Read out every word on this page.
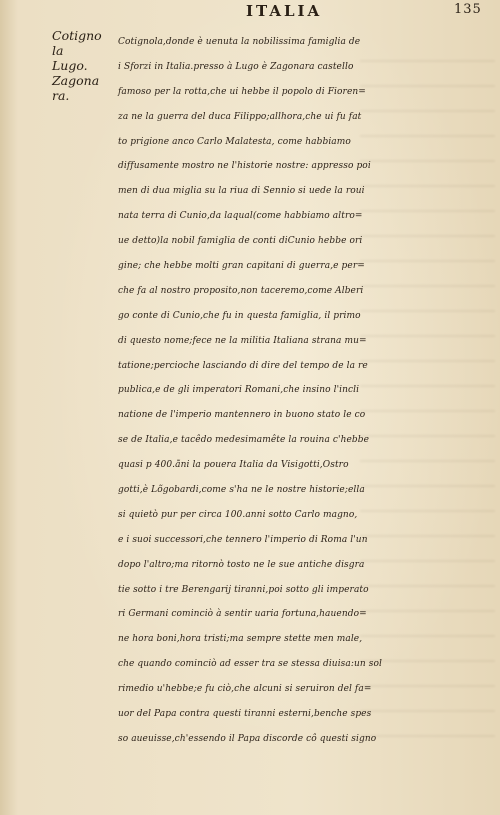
ITALIA	135
Cotigno
la
Lugo.
Zagona
ra.
Cotignola,donde è uenuta la nobilissima famiglia de
i Sforzi in Italia.presso à Lugo è Zagonara castello
famoso per la rotta,che ui hebbe il popolo di Fioren=
za ne la guerra del duca Filippo;allhora,che ui fu fat
to prigione anco Carlo Malatesta, come habbiamo
diffusamente mostro ne l'historie nostre: appresso poi
men di dua miglia su la riua di Sennio si uede la roui
nata terra di Cunio,da laqual(come habbiamo altro=
ue detto)la nobil famiglia de conti diCunio hebbe ori
gine; che hebbe molti gran capitani di guerra,e per=
che fa al nostro proposito,non taceremo,come Alberi
go conte di Cunio,che fu in questa famiglia, il primo
di questo nome;fece ne la militia Italiana strana mu=
tatione;percioche lasciando di dire del tempo de la re
publica,e de gli imperatori Romani,che insino l'incli
natione de l'imperio mantennero in buono stato le co
se de Italia,e tacêdo medesimamête la rouina c'hebbe
quasi p 400.ãni la pouera Italia da Visigotti,Ostro
gotti,è Lõgobardi,come s'ha ne le nostre historie;ella
si quietò pur per circa 100.anni sotto Carlo magno,
e i suoi successori,che tennero l'imperio di Roma l'un
dopo l'altro;ma ritornò tosto ne le sue antiche disgra
tie sotto i tre Berengarij tiranni,poi sotto gli imperato
ri Germani cominciò à sentir uaria fortuna,hauendo=
ne hora boni,hora tristi;ma sempre stette men male,
che quando cominciò ad esser tra se stessa diuisa:un sol
rimedio u'hebbe;e fu ciò,che alcuni si seruiron del fa=
uor del Papa contra questi tiranni esterni,benche spes
so aueuisse,ch'essendo il Papa discorde cô questi signo
